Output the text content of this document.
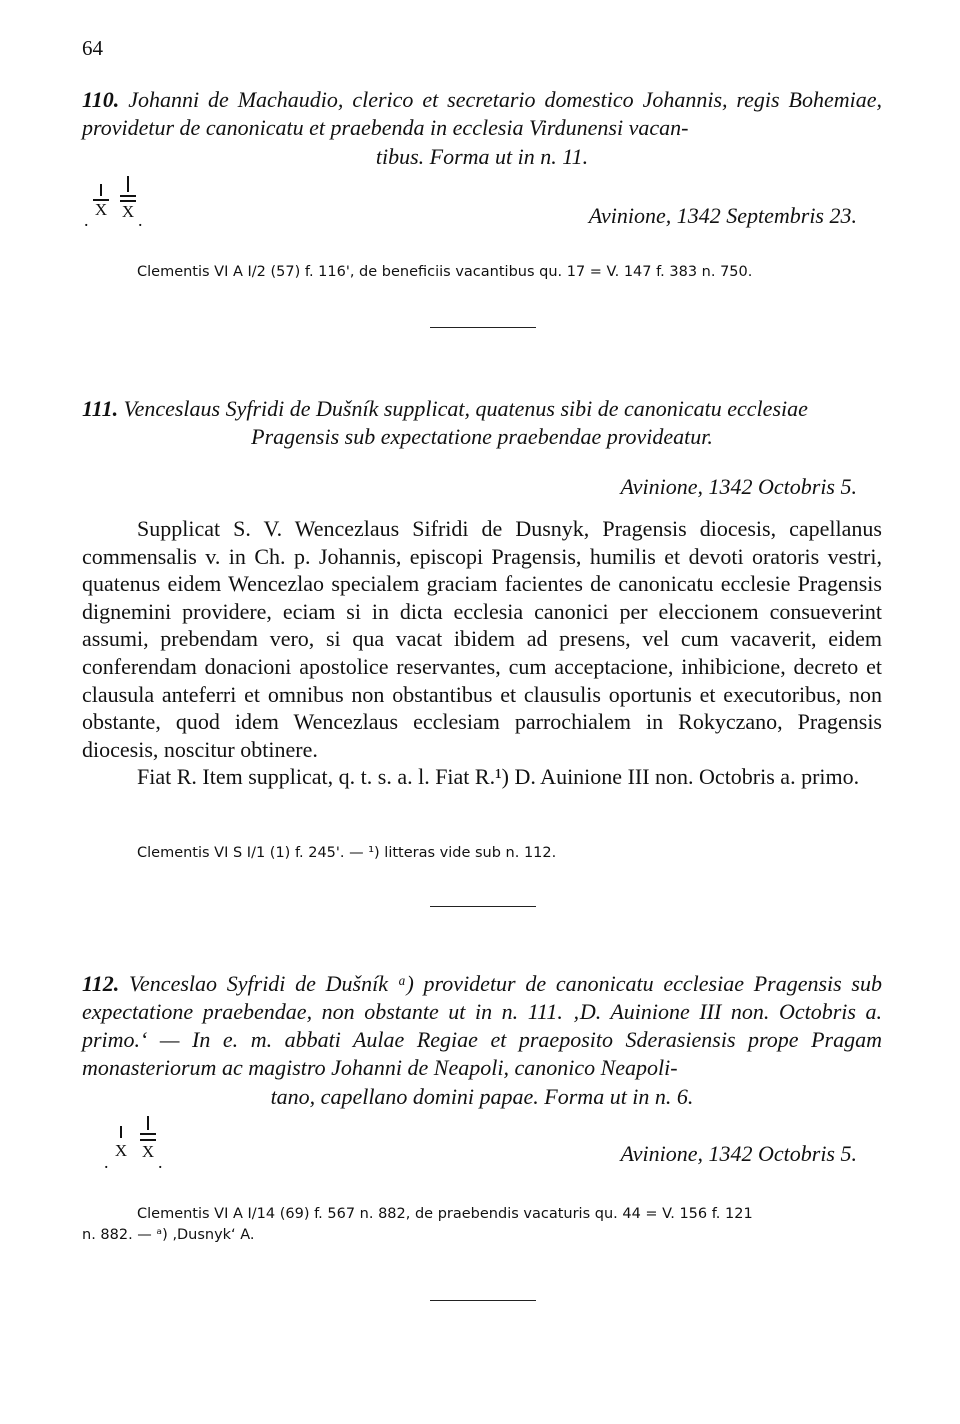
64
110. Johanni de Machaudio, clerico et secretario domestico Johannis, regis Bohemiae, providetur de canonicatu et praebenda in ecclesia Virdunensi vacan-
tibus. Forma ut in n. 11.
.
X X .	Avinione, 1342 Septembris 23.
Clementis VI A I/2 (57) f. 116', de beneficiis vacantibus qu. 17 = V. 147 f. 383 n. 750.
111. Venceslaus Syfridi de Dušník supplicat, quatenus sibi de canonicatu ecclesiae
Pragensis sub expectatione praebendae provideatur.
Avinione, 1342 Octobris 5.

Supplicat S. V. Wencezlaus Sifridi de Dusnyk, Pragensis diocesis, capellanus commensalis v. in Ch. p. Johannis, episcopi Pragensis, humilis et devoti oratoris vestri, quatenus eidem Wencezlao specialem graciam facientes de canonicatu ecclesie Pragensis dignemini providere, eciam si in dicta ecclesia canonici per eleccionem consueverint assumi, prebendam vero, si qua vacat ibidem ad presens, vel cum vacaverit, eidem conferendam donacioni apostolice reservantes, cum acceptacione, inhibicione, decreto et clausula anteferri et omnibus non obstantibus et clausulis oportunis et executoribus, non obstante, quod idem Wencezlaus ecclesiam parrochialem in Rokyczano, Pragensis diocesis, noscitur obtinere.

Fiat R. Item supplicat, q. t. s. a. l. Fiat R.¹) D. Auinione III non. Octobris a. primo.

Clementis VI S I/1 (1) f. 245'. — ¹) litteras vide sub n. 112.
112. Venceslao Syfridi de Dušník ᵃ) providetur de canonicatu ecclesiae Pragensis sub expectatione praebendae, non obstante ut in n. 111. ‚D. Auinione III non. Octobris a. primo.‘ — In e. m. abbati Aulae Regiae et praeposito Sderasiensis prope Pragam monasteriorum ac magistro Johanni de Neapoli, canonico Neapoli-
tano, capellano domini papae. Forma ut in n. 6.
.
X X
.	Avinione, 1342 Octobris 5.
Clementis VI A I/14 (69) f. 567 n. 882, de praebendis vacaturis qu. 44 = V. 156 f. 121
n. 882. — ᵃ) ‚Dusnyk‘ A.
